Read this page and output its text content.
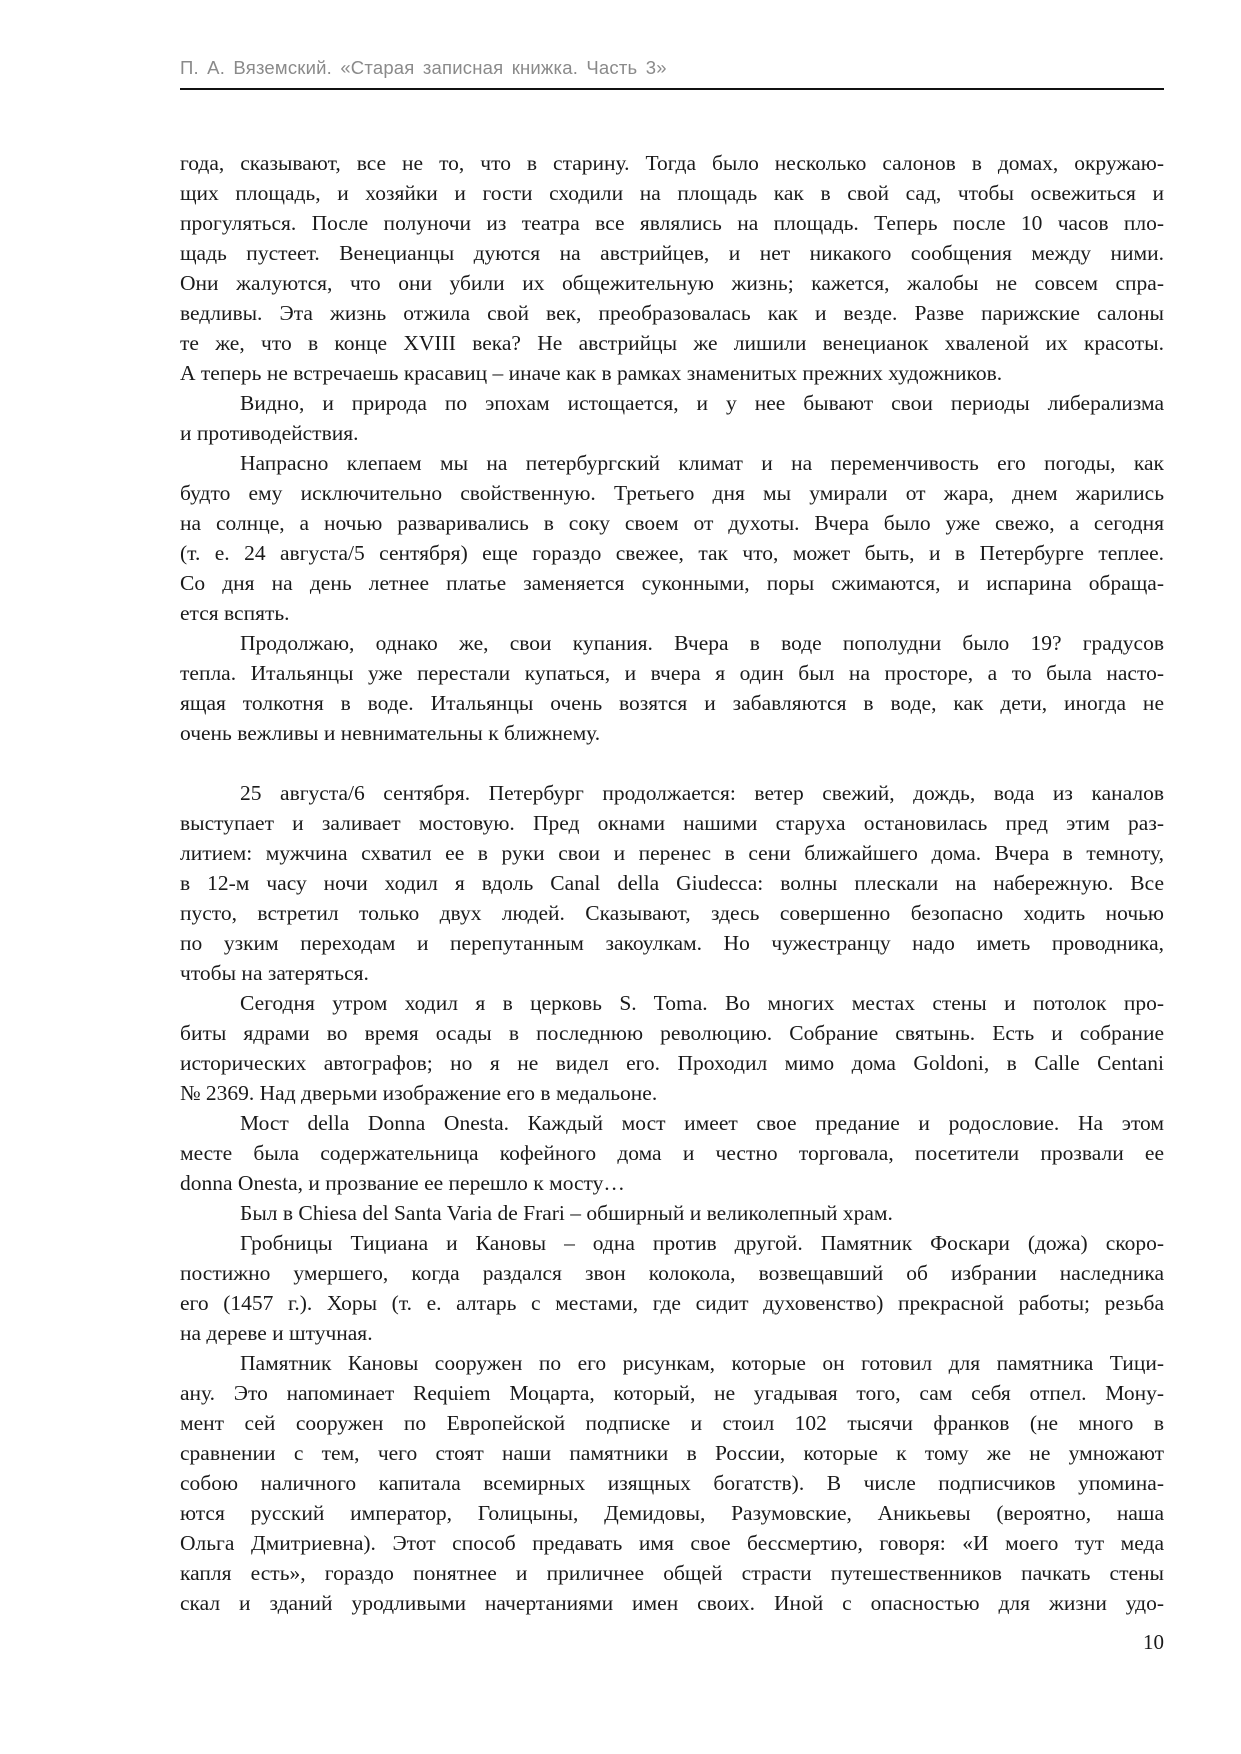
П. А. Вяземский. «Старая записная книжка. Часть 3»
года, сказывают, все не то, что в старину. Тогда было несколько салонов в домах, окружаю-
щих площадь, и хозяйки и гости сходили на площадь как в свой сад, чтобы освежиться и
прогуляться. После полуночи из театра все являлись на площадь. Теперь после 10 часов пло-
щадь пустеет. Венецианцы дуются на австрийцев, и нет никакого сообщения между ними.
Они жалуются, что они убили их общежительную жизнь; кажется, жалобы не совсем спра-
ведливы. Эта жизнь отжила свой век, преобразовалась как и везде. Разве парижские салоны
те же, что в конце XVIII века? Не австрийцы же лишили венецианок хваленой их красоты.
А теперь не встречаешь красавиц – иначе как в рамках знаменитых прежних художников.
Видно, и природа по эпохам истощается, и у нее бывают свои периоды либерализма
и противодействия.
Напрасно клепаем мы на петербургский климат и на переменчивость его погоды, как
будто ему исключительно свойственную. Третьего дня мы умирали от жара, днем жарились
на солнце, а ночью разваривались в соку своем от духоты. Вчера было уже свежо, а сегодня
(т. е. 24 августа/5 сентября) еще гораздо свежее, так что, может быть, и в Петербурге теплее.
Со дня на день летнее платье заменяется суконными, поры сжимаются, и испарина обраща-
ется вспять.
Продолжаю, однако же, свои купания. Вчера в воде пополудни было 19? градусов
тепла. Итальянцы уже перестали купаться, и вчера я один был на просторе, а то была насто-
ящая толкотня в воде. Итальянцы очень возятся и забавляются в воде, как дети, иногда не
очень вежливы и невнимательны к ближнему.
25 августа/6 сентября. Петербург продолжается: ветер свежий, дождь, вода из каналов
выступает и заливает мостовую. Пред окнами нашими старуха остановилась пред этим раз-
литием: мужчина схватил ее в руки свои и перенес в сени ближайшего дома. Вчера в темноту,
в 12-м часу ночи ходил я вдоль Canal della Giudecca: волны плескали на набережную. Все
пусто, встретил только двух людей. Сказывают, здесь совершенно безопасно ходить ночью
по узким переходам и перепутанным закоулкам. Но чужестранцу надо иметь проводника,
чтобы на затеряться.
Сегодня утром ходил я в церковь S. Toma. Во многих местах стены и потолок про-
биты ядрами во время осады в последнюю революцию. Собрание святынь. Есть и собрание
исторических автографов; но я не видел его. Проходил мимо дома Goldoni, в Calle Centani
№ 2369. Над дверьми изображение его в медальоне.
Мост della Donna Onesta. Каждый мост имеет свое предание и родословие. На этом
месте была содержательница кофейного дома и честно торговала, посетители прозвали ее
donna Onesta, и прозвание ее перешло к мосту…
Был в Chiesa del Santa Varia de Frari – обширный и великолепный храм.
Гробницы Тициана и Кановы – одна против другой. Памятник Фоскари (дожа) скоро-
постижно умершего, когда раздался звон колокола, возвещавший об избрании наследника
его (1457 г.). Хоры (т. е. алтарь с местами, где сидит духовенство) прекрасной работы; резьба
на дереве и штучная.
Памятник Кановы сооружен по его рисункам, которые он готовил для памятника Тици-
ану. Это напоминает Requiem Моцарта, который, не угадывая того, сам себя отпел. Мону-
мент сей сооружен по Европейской подписке и стоил 102 тысячи франков (не много в
сравнении с тем, чего стоят наши памятники в России, которые к тому же не умножают
собою наличного капитала всемирных изящных богатств). В числе подписчиков упомина-
ются русский император, Голицыны, Демидовы, Разумовские, Аникьевы (вероятно, наша
Ольга Дмитриевна). Этот способ предавать имя свое бессмертию, говоря: «И моего тут меда
капля есть», гораздо понятнее и приличнее общей страсти путешественников пачкать стены
скал и зданий уродливыми начертаниями имен своих. Иной с опасностью для жизни удо-
10
